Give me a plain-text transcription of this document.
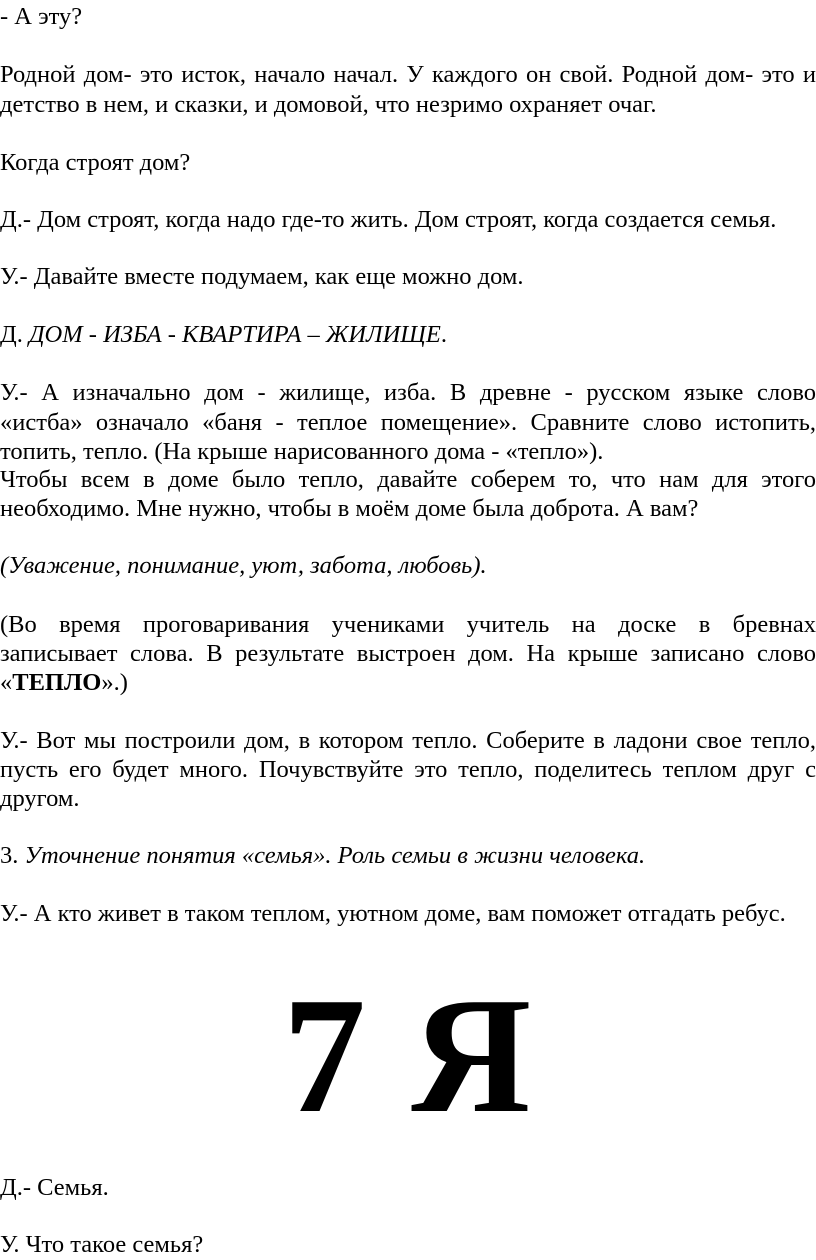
- А эту?
Родной дом- это исток, начало начал. У каждого он свой. Родной дом- это и
детство в нем, и сказки, и домовой, что незримо охраняет очаг.
Когда строят дом?
Д.- Дом строят, когда надо где-то жить. Дом строят, когда создается семья.
У.- Давайте вместе подумаем, как еще можно дом.
Д. ДОМ - ИЗБА - КВАРТИРА – ЖИЛИЩЕ.
У.- А изначально дом - жилище, изба. В древне - русском языке слово
«истба» означало «баня - теплое помещение». Сравните слово истопить,
топить, тепло. (На крыше нарисованного дома - «тепло»).
Чтобы всем в доме было тепло, давайте соберем то, что нам для этого
необходимо. Мне нужно, чтобы в моём доме была доброта. А вам?
(Уважение, понимание, уют, забота, любовь).
(Во время проговаривания учениками учитель на доске в бревнах
записывает слова. В результате выстроен дом. На крыше записано слово
«ТЕПЛО».)
У.- Вот мы построили дом, в котором тепло. Соберите в ладони свое тепло,
пусть его будет много. Почувствуйте это тепло, поделитесь теплом друг с
другом.
3. Уточнение понятия «семья». Роль семьи в жизни человека.
У.- А кто живет в таком теплом, уютном доме, вам поможет отгадать ребус.
7 Я
Д.- Семья.
У. Что такое семья?
